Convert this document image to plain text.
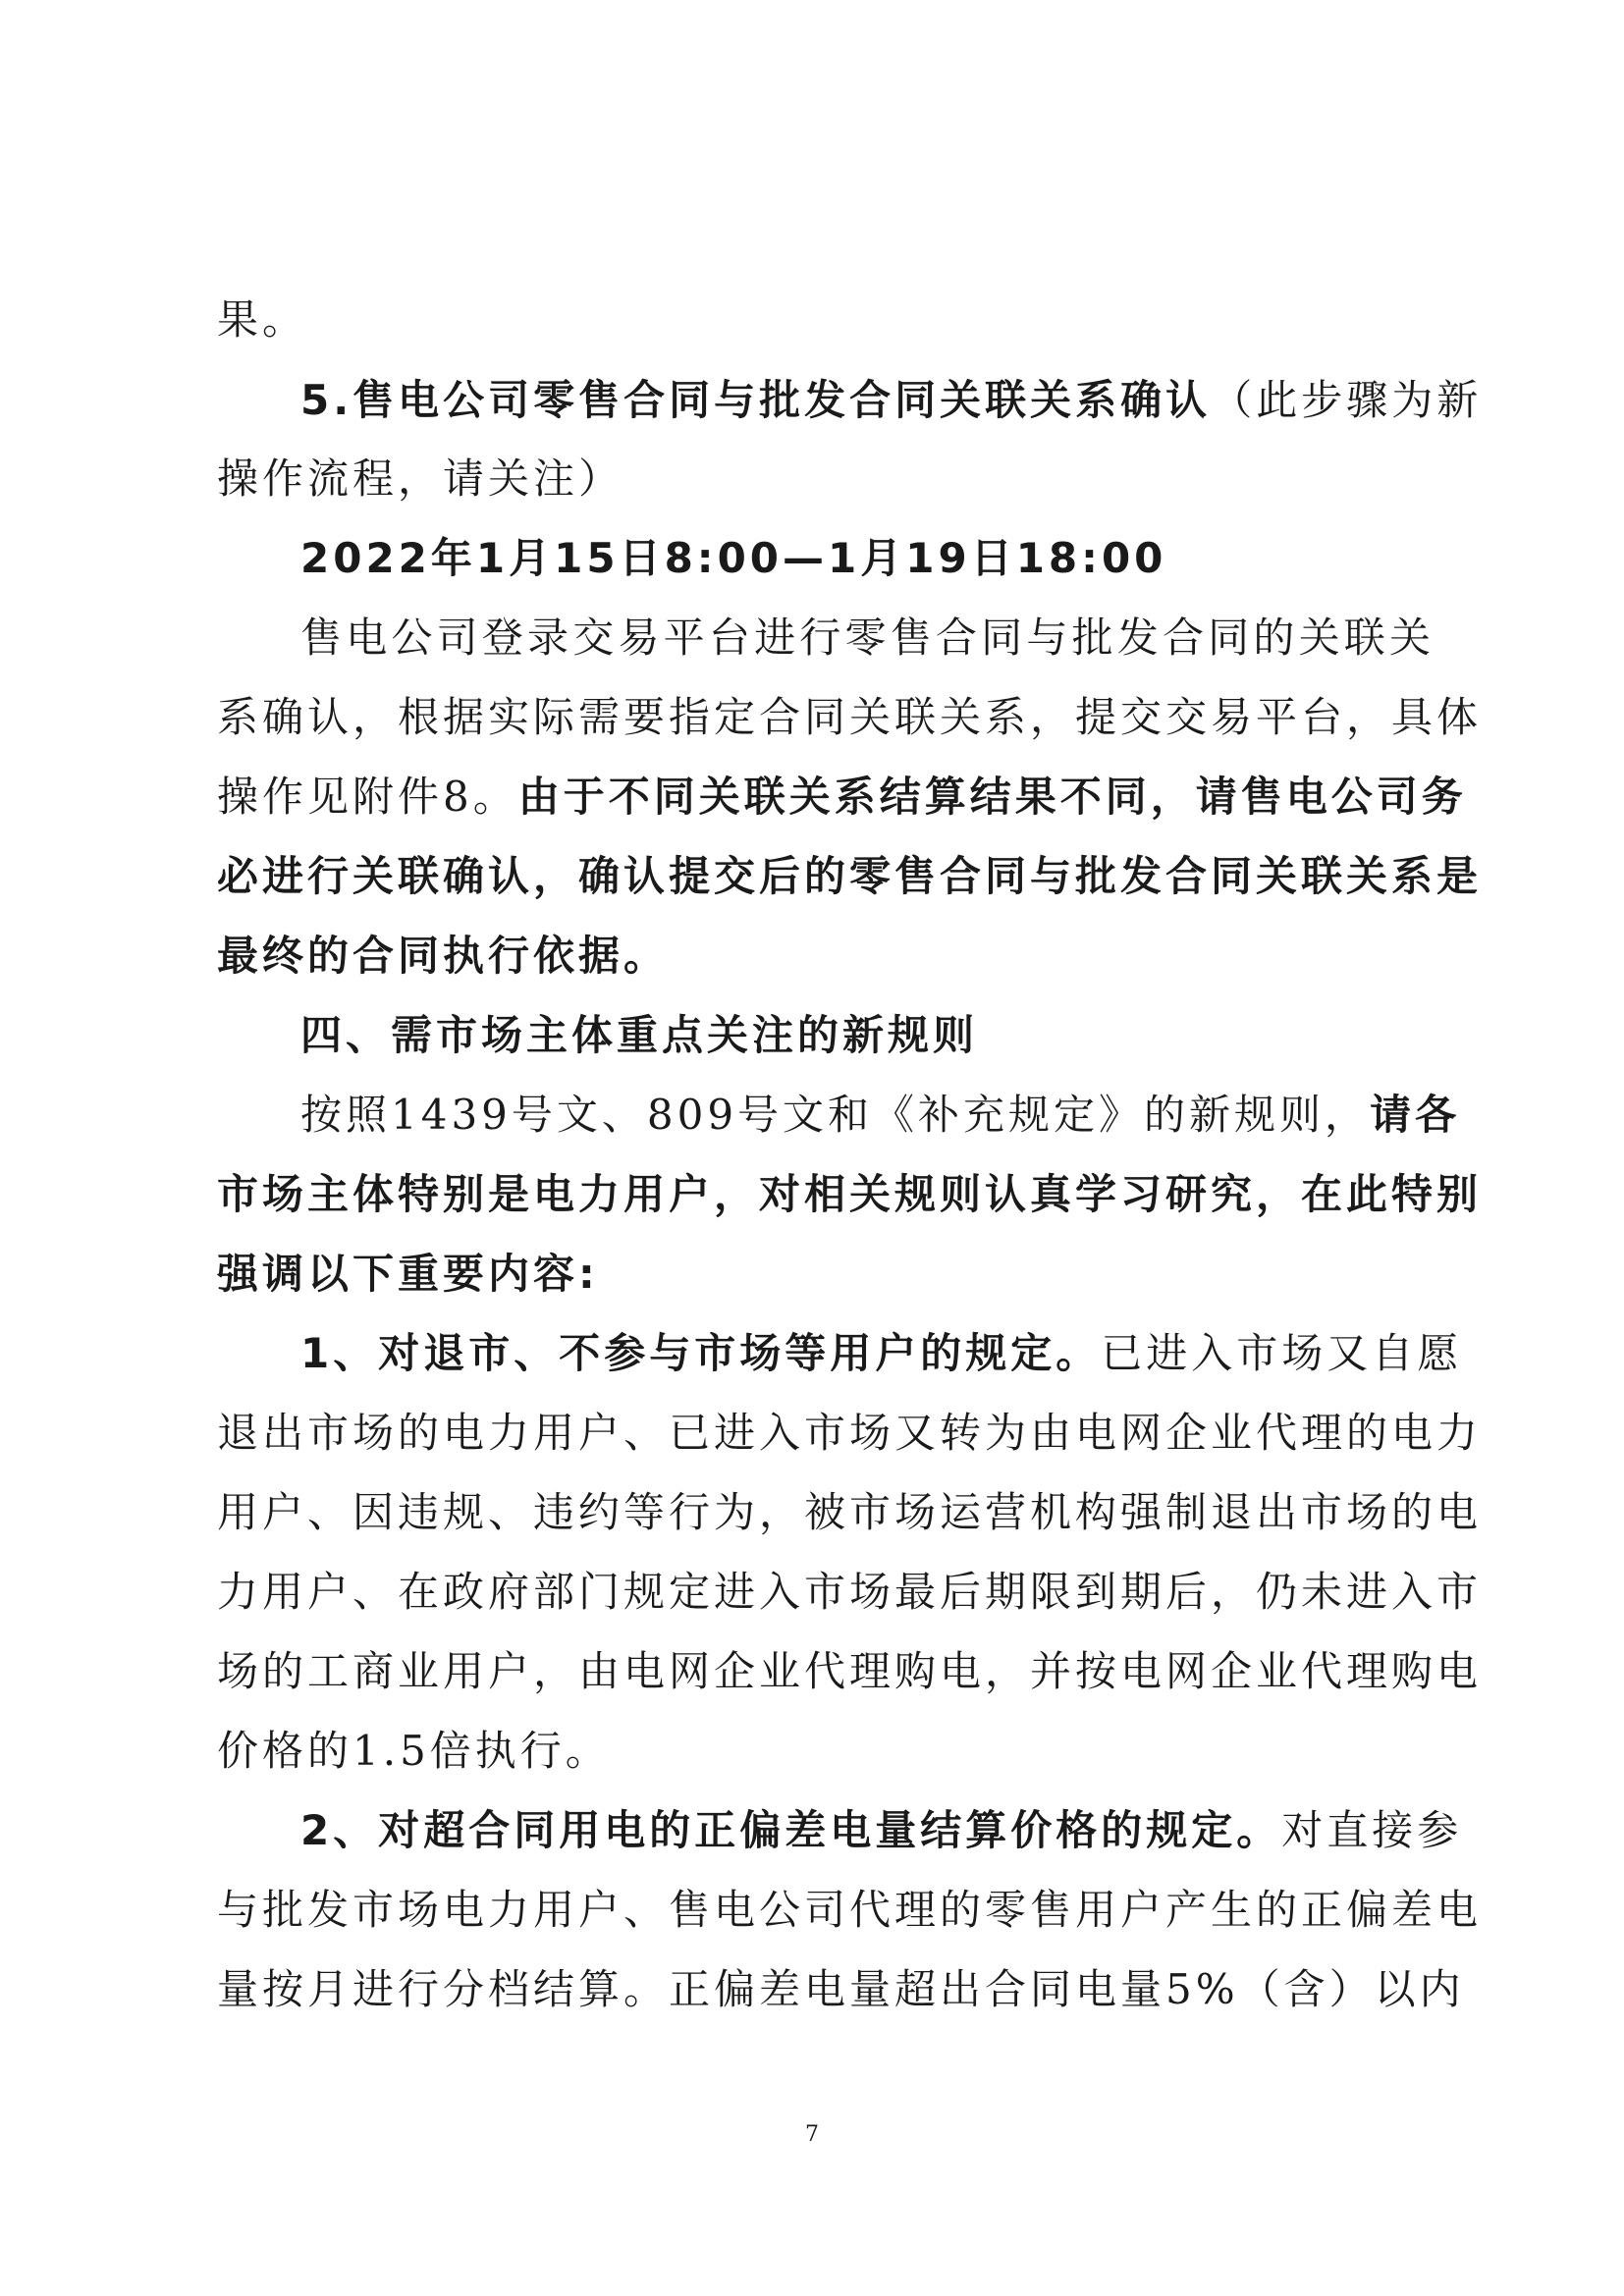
果。
5.售电公司零售合同与批发合同关联关系确认（此步骤为新
操作流程，请关注）
2022年1月15日8:00—1月19日18:00
售电公司登录交易平台进行零售合同与批发合同的关联关
系确认，根据实际需要指定合同关联关系，提交交易平台，具体
操作见附件8。由于不同关联关系结算结果不同，请售电公司务
必进行关联确认，确认提交后的零售合同与批发合同关联关系是
最终的合同执行依据。
四、需市场主体重点关注的新规则
按照1439号文、809号文和《补充规定》的新规则，请各
市场主体特别是电力用户，对相关规则认真学习研究，在此特别
强调以下重要内容:
1、对退市、不参与市场等用户的规定。已进入市场又自愿
退出市场的电力用户、已进入市场又转为由电网企业代理的电力
用户、因违规、违约等行为，被市场运营机构强制退出市场的电
力用户、在政府部门规定进入市场最后期限到期后，仍未进入市
场的工商业用户，由电网企业代理购电，并按电网企业代理购电
价格的1.5倍执行。
2、对超合同用电的正偏差电量结算价格的规定。对直接参
与批发市场电力用户、售电公司代理的零售用户产生的正偏差电
量按月进行分档结算。正偏差电量超出合同电量5%（含）以内
7
